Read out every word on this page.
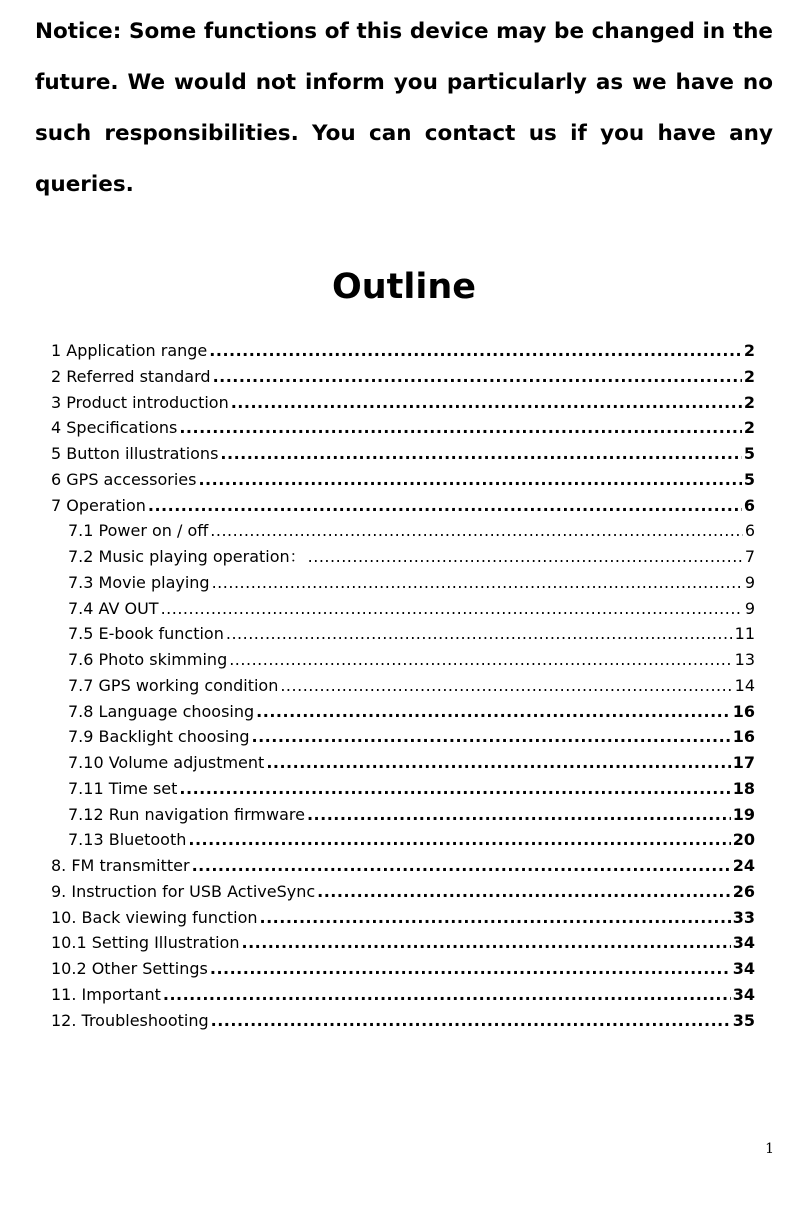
Notice: Some functions of this device may be changed in the future. We would not inform you particularly as we have no such responsibilities. You can contact us if you have any queries.

Outline
1 Application range .....	2
2 Referred standard .....	2
3 Product introduction .....	2
4 Specifications .....	2
5 Button illustrations .....	5
6 GPS accessories .....	5
7 Operation .....	6
7.1 Power on / off .....	6
7.2 Music playing operation： .....	7
7.3 Movie playing .....	9
7.4 AV OUT .....	9
7.5 E-book function .....	11
7.6 Photo skimming .....	13
7.7 GPS working condition .....	14
7.8 Language choosing .....	16
7.9 Backlight choosing .....	16
7.10 Volume adjustment .....	17
7.11 Time set .....	18
7.12 Run navigation firmware .....	19
7.13 Bluetooth .....	20
8. FM transmitter .....	24
9. Instruction for USB ActiveSync .....	26
10. Back viewing function .....	33
10.1 Setting Illustration .....	34
10.2 Other Settings .....	34
11. Important .....	34
12. Troubleshooting .....	35
1
